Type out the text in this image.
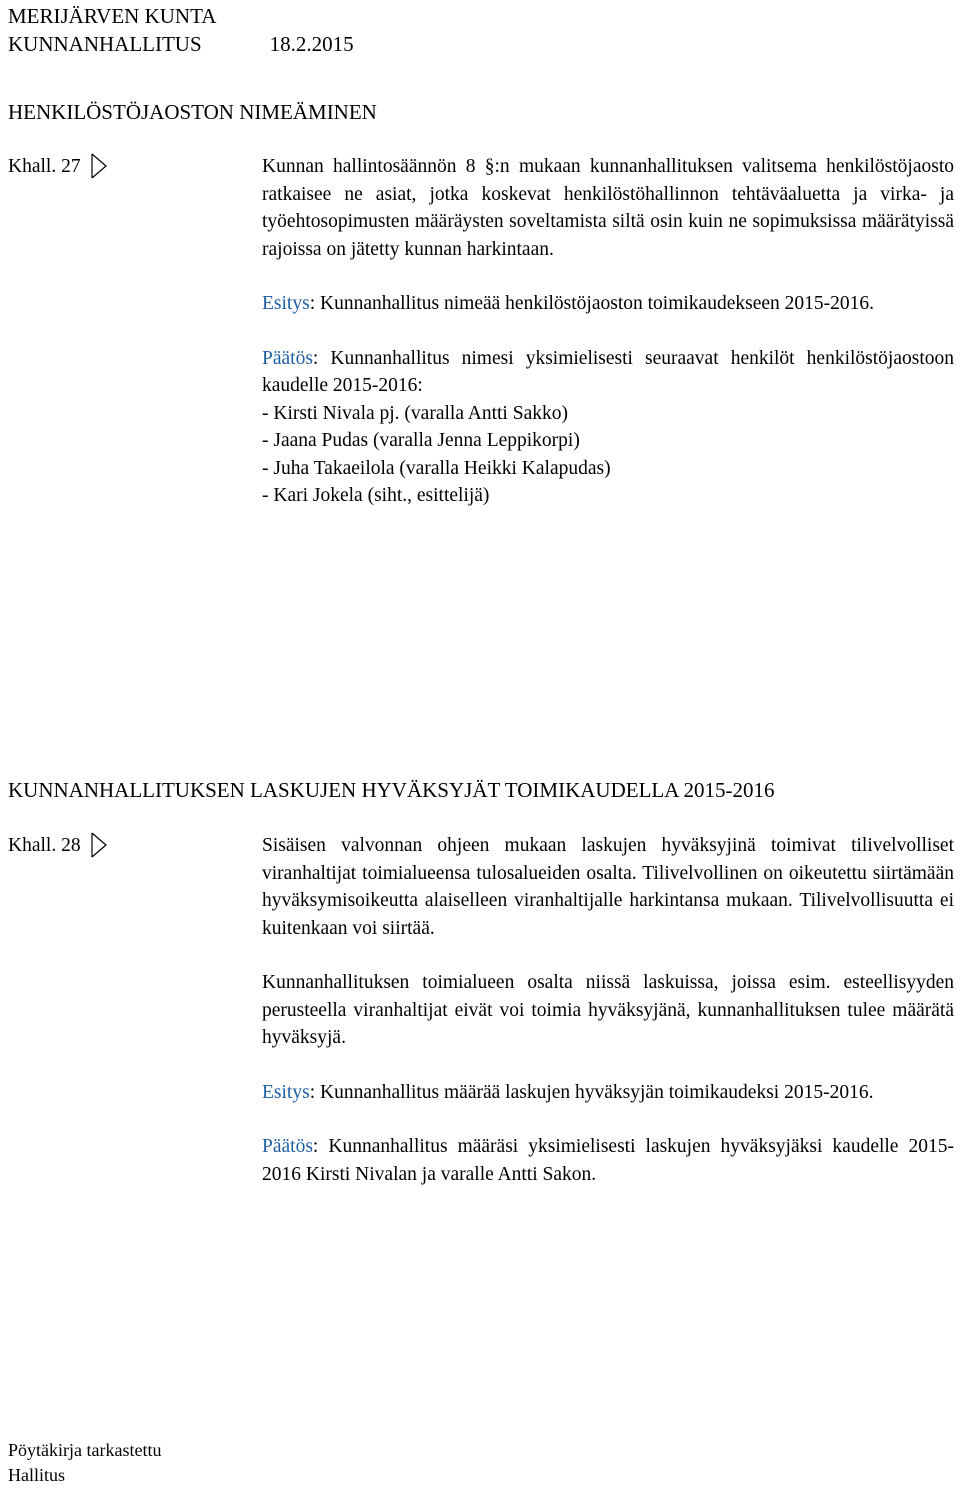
MERIJÄRVEN KUNTA
KUNNANHALLITUS	18.2.2015
HENKILÖSTÖJAOSTON NIMEÄMINEN
Khall. 27	Kunnan hallintosäännön 8 §:n mukaan kunnanhallituksen valitsema henkilöstöjaosto ratkaisee ne asiat, jotka koskevat henkilöstöhallinnon tehtäväaluetta ja virka- ja työehtosopimusten määräysten soveltamista siltä osin kuin ne sopimuksissa määrätyissä rajoissa on jätetty kunnan harkintaan.

Esitys: Kunnanhallitus nimeää henkilöstöjaoston toimikaudekseen 2015-2016.

Päätös: Kunnanhallitus nimesi yksimielisesti seuraavat henkilöt henkilöstöjaostoon kaudelle 2015-2016:

- Kirsti Nivala pj. (varalla Antti Sakko)
- Jaana Pudas (varalla Jenna Leppikorpi)
- Juha Takaeilola (varalla Heikki Kalapudas)
- Kari Jokela (siht., esittelijä)
KUNNANHALLITUKSEN LASKUJEN HYVÄKSYJÄT TOIMIKAUDELLA 2015-2016
Khall. 28	Sisäisen valvonnan ohjeen mukaan laskujen hyväksyjinä toimivat tilivelvolliset viranhaltijat toimialueensa tulosalueiden osalta. Tilivelvollinen on oikeutettu siirtämään hyväksymisoikeutta alaiselleen viranhaltijalle harkintansa mukaan. Tilivelvollisuutta ei kuitenkaan voi siirtää.

Kunnanhallituksen toimialueen osalta niissä laskuissa, joissa esim. esteellisyyden perusteella viranhaltijat eivät voi toimia hyväksyjänä, kunnanhallituksen tulee määrätä hyväksyjä.

Esitys: Kunnanhallitus määrää laskujen hyväksyjän toimikaudeksi 2015-2016.

Päätös: Kunnanhallitus määräsi yksimielisesti laskujen hyväksyjäksi kaudelle 2015-2016 Kirsti Nivalan ja varalle Antti Sakon.

Pöytäkirja tarkastettu
Hallitus
